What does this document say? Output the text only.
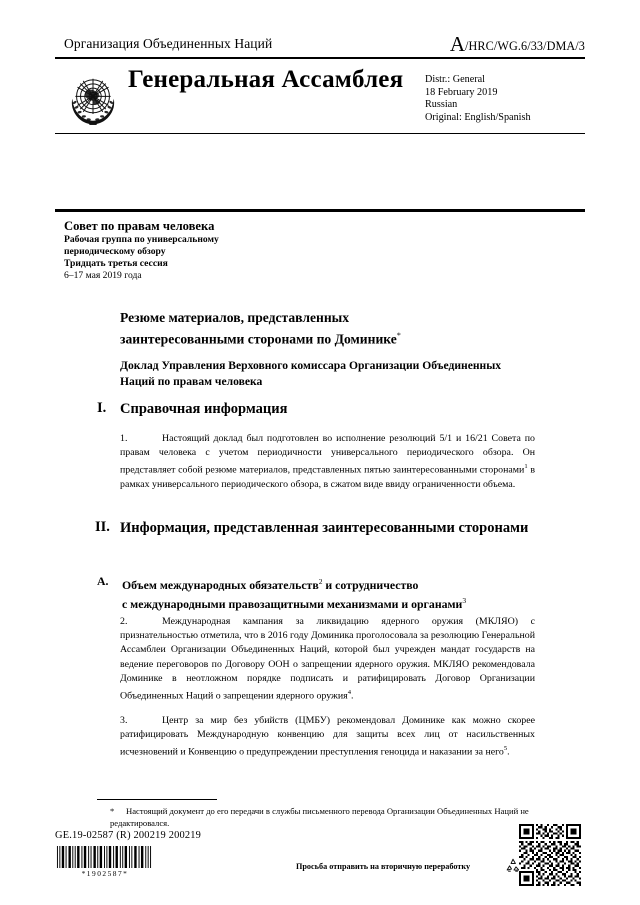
Организация Объединенных Наций	A/HRC/WG.6/33/DMA/3
Генеральная Ассамблея Distr.: General
18 February 2019
Russian
Original: English/Spanish
Совет по правам человека
Рабочая группа по универсальному
периодическому обзору
Тридцать третья сессия
6–17 мая 2019 года
Резюме материалов, представленных
заинтересованными сторонами по Доминике*
Доклад Управления Верховного комиссара Организации Объединенных Наций по правам человека
I. Справочная информация
1.	Настоящий доклад был подготовлен во исполнение резолюций 5/1 и 16/21 Совета по правам человека с учетом периодичности универсального периодического обзора. Он представляет собой резюме материалов, представленных пятью заинтересованными сторонами$^1$ в рамках универсального периодического обзора, в сжатом виде ввиду ограниченности объема.
II. Информация, представленная заинтересованными сторонами
A. Объем международных обязательств$^2$ и сотрудничество
с международными правозащитными механизмами и органами$^3$
2.	Международная кампания за ликвидацию ядерного оружия (МКЛЯО) с признательностью отметила, что в 2016 году Доминика проголосовала за резолюцию Генеральной Ассамблеи Организации Объединенных Наций, которой был учрежден мандат государств на ведение переговоров по Договору ООН о запрещении ядерного оружия. МКЛЯО рекомендовала Доминике в неотложном порядке подписать и ратифицировать Договор Организации Объединенных Наций о запрещении ядерного оружия$^4$.
3.	Центр за мир без убийств (ЦМБУ) рекомендовал Доминике как можно скорее ратифицировать Международную конвенцию для защиты всех лиц от насильственных исчезновений и Конвенцию о предупреждении преступления геноцида и наказании за него$^5$.
* Настоящий документ до его передачи в службы письменного перевода Организации Объединенных Наций не редактировался.
GE.19-02587 (R) 200219 200219
*1902587*
Просьба отправить на вторичную переработку
